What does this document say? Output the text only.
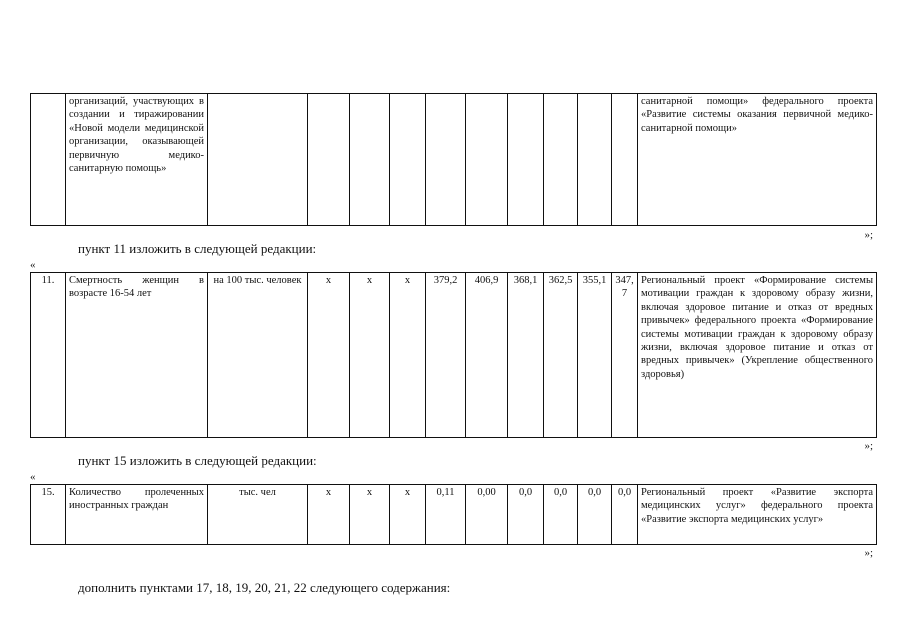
	организаций, участвующих в создании и тиражировании «Новой модели медицинской организации, оказывающей первичную медико-санитарную помощь»											санитарной помощи» федерального проекта «Развитие системы оказания первичной медико-санитарной помощи»
»;
пункт 11 изложить в следующей редакции:
«
11.	Смертность женщин в возрасте 16-54 лет	на 100 тыс. человек	x	x	x	379,2	406,9	368,1	362,5	355,1	347,7	Региональный проект «Формирование системы мотивации граждан к здоровому образу жизни, включая здоровое питание и отказ от вредных привычек» федерального проекта «Формирование системы мотивации граждан к здоровому образу жизни, включая здоровое питание и отказ от вредных привычек» (Укрепление общественного здоровья)
»;
пункт 15 изложить в следующей редакции:
«
15.	Количество пролеченных иностранных граждан	тыс. чел	x	x	x	0,11	0,00	0,0	0,0	0,0	0,0	Региональный проект «Развитие экспорта медицинских услуг» федерального проекта «Развитие экспорта медицинских услуг»
»;
дополнить пунктами 17, 18, 19, 20, 21, 22 следующего содержания:
